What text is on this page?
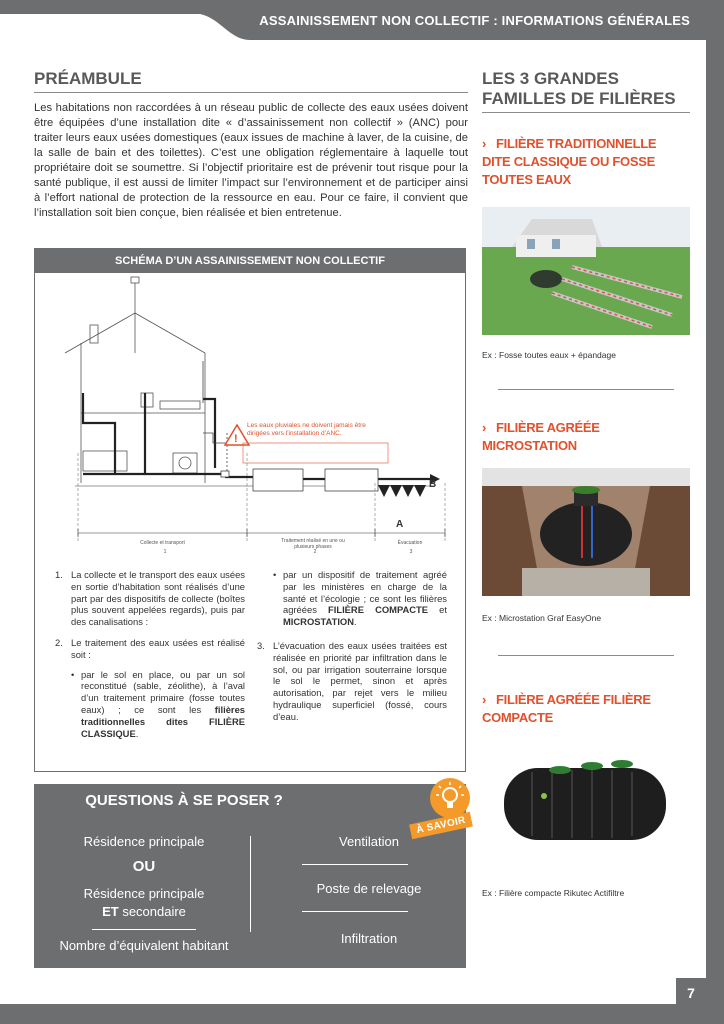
ASSAINISSEMENT NON COLLECTIF : INFORMATIONS GÉNÉRALES
7
PRÉAMBULE

Les habitations non raccordées à un réseau public de collecte des eaux usées doivent être équipées d’une installation dite « d’assainissement non collectif » (ANC) pour traiter leurs eaux usées domestiques (eaux issues de machine à laver, de la cuisine, de la salle de bain et des toilettes). C’est une obligation réglementaire à laquelle tout propriétaire doit se soumettre. Si l’objectif prioritaire est de prévenir tout risque pour la santé publique, il est aussi de limiter l’impact sur l’environnement et de participer ainsi à l’effort national de protection de la ressource en eau. Pour ce faire, il convient que l’installation soit bien conçue, bien réalisée et bien entretenue.

SCHÉMA D’UN ASSAINISSEMENT NON COLLECTIF
!
Les eaux pluviales ne doivent jamais être dirigées vers l’installation d’ANC.
B
A
Collecte et transport	Traitement réalisé en une ou plusieurs phases
Évacuation
1	2	3
1. La collecte et le transport des eaux usées en sortie d’habitation sont réalisés d’une part par des dispositifs de collecte (boîtes plus souvent appelées regards), puis par des canalisations :
2. Le traitement des eaux usées est réalisé soit :
• par le sol en place, ou par un sol reconstitué (sable, zéolithe), à l’aval d’un traitement primaire (fosse toutes eaux) ; ce sont les filières traditionnelles dites FILIÈRE CLASSIQUE.
• par un dispositif de traitement agréé par les ministères en charge de la santé et l’écologie ; ce sont les filières agréées FILIÈRE COMPACTE et MICROSTATION.
3. L’évacuation des eaux usées traitées est réalisée en priorité par infiltration dans le sol, ou par irrigation souterraine lorsque le sol le permet, sinon et après autorisation, par rejet vers le milieu hydraulique superficiel (fossé, cours d’eau.
QUESTIONS À SE POSER ?
Résidence principale
OU
Résidence principale
ET secondaire
Nombre d’équivalent habitant
Ventilation
Poste de relevage
Infiltration
À SAVOIR
LES 3 GRANDES FAMILLES DE FILIÈRES
› FILIÈRE TRADITIONNELLE DITE CLASSIQUE OU FOSSE TOUTES EAUX
Ex : Fosse toutes eaux + épandage
› FILIÈRE AGRÉÉE MICROSTATION
Ex : Microstation Graf EasyOne
› FILIÈRE AGRÉÉE FILIÈRE COMPACTE
Ex : Filière compacte Rikutec Actifiltre
